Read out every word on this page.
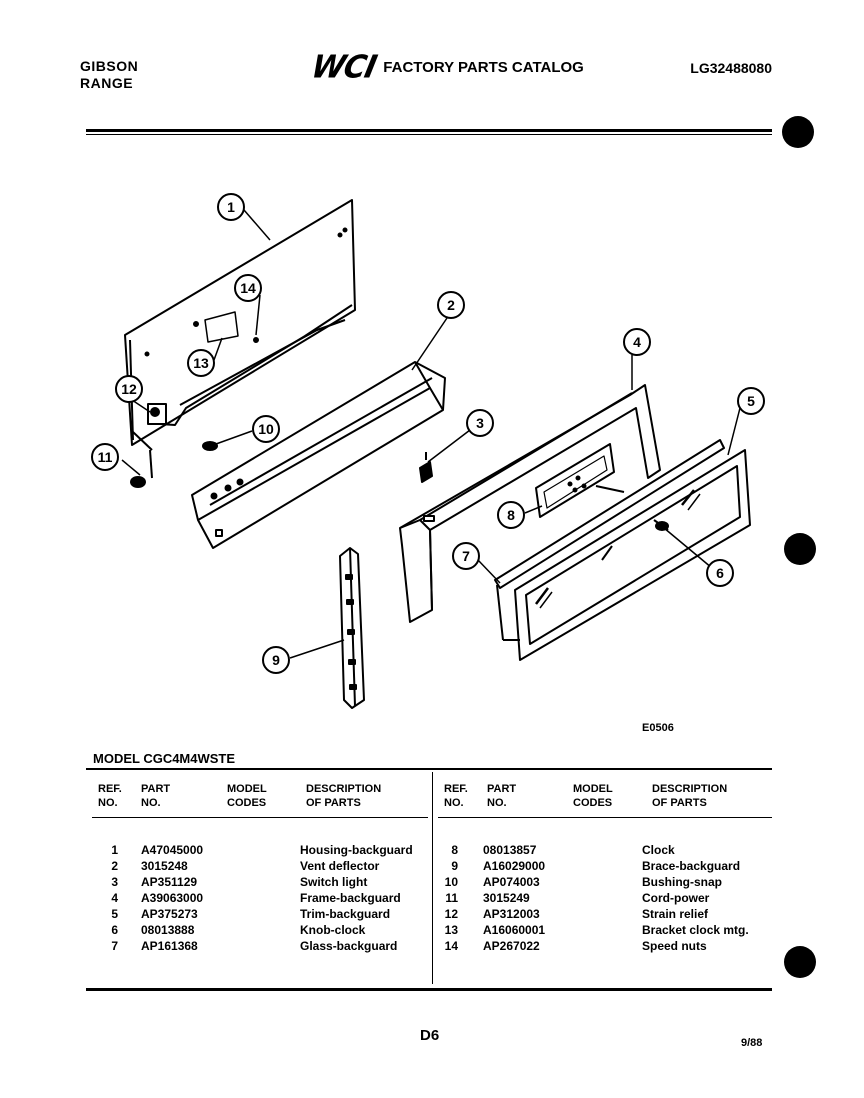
GIBSON
RANGE	WCI FACTORY PARTS CATALOG	LG32488080
1
14
13
12
11
10
2
3
4
5
6
8
7
9
E0506
MODEL CGC4M4WSTE
REF.
NO.
PART
NO.
MODEL
CODES
DESCRIPTION
OF PARTS
REF.
NO.
PART
NO.
MODEL
CODES
DESCRIPTION
OF PARTS
1 A47045000	Housing-backguard
2 3015248	Vent deflector
3 AP351129	Switch light
4 A39063000	Frame-backguard
5 AP375273	Trim-backguard
6 08013888	Knob-clock
7 AP161368	Glass-backguard
8 08013857	Clock
9 A16029000	Brace-backguard
10 AP074003	Bushing-snap
11 3015249	Cord-power
12 AP312003	Strain relief
13 A16060001	Bracket clock mtg.
14 AP267022	Speed nuts
D6	9/88
